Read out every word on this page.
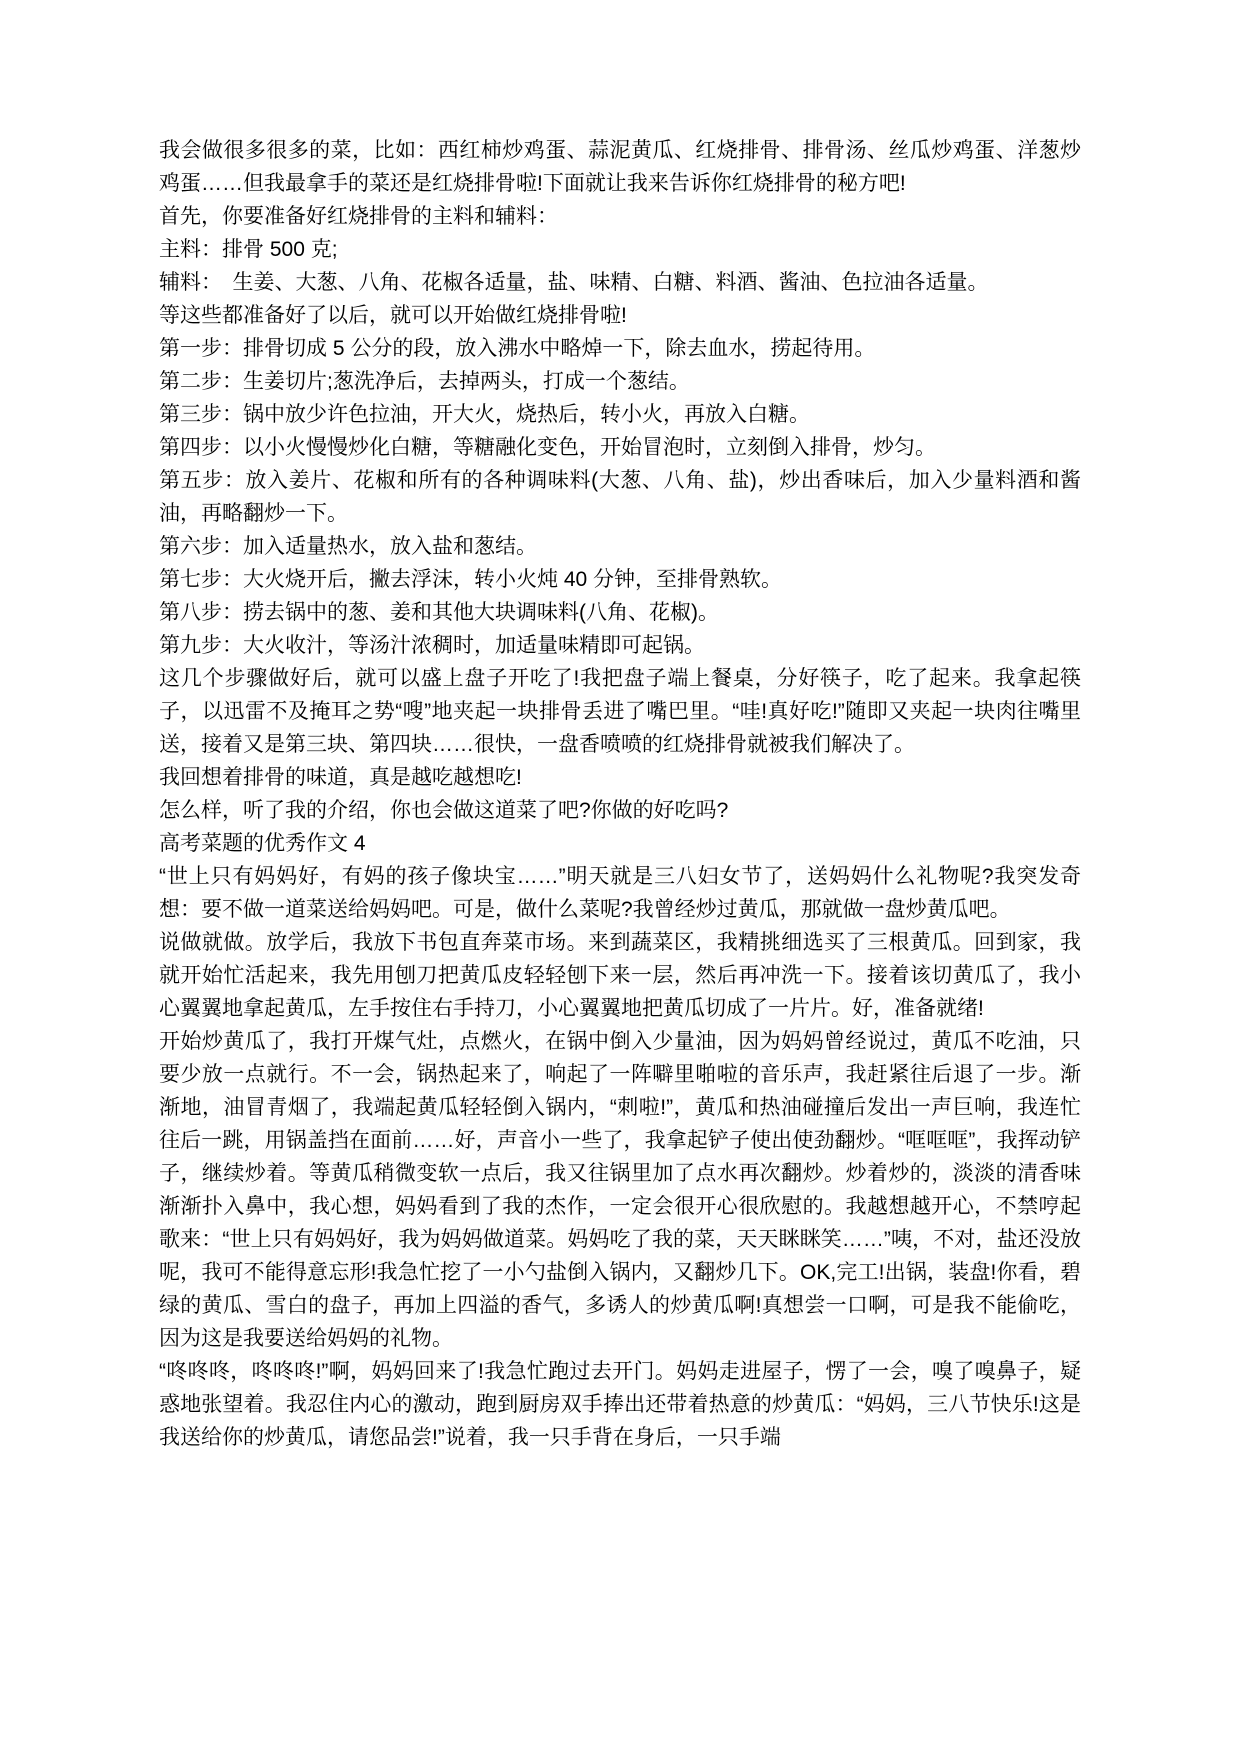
我会做很多很多的菜，比如：西红柿炒鸡蛋、蒜泥黄瓜、红烧排骨、排骨汤、丝瓜炒鸡蛋、洋葱炒鸡蛋……但我最拿手的菜还是红烧排骨啦!下面就让我来告诉你红烧排骨的秘方吧!

首先，你要准备好红烧排骨的主料和辅料：

主料：排骨 500 克;

辅料：　生姜、大葱、八角、花椒各适量，盐、味精、白糖、料酒、酱油、色拉油各适量。

等这些都准备好了以后，就可以开始做红烧排骨啦!

第一步：排骨切成 5 公分的段，放入沸水中略焯一下，除去血水，捞起待用。

第二步：生姜切片;葱洗净后，去掉两头，打成一个葱结。

第三步：锅中放少许色拉油，开大火，烧热后，转小火，再放入白糖。

第四步：以小火慢慢炒化白糖，等糖融化变色，开始冒泡时，立刻倒入排骨，炒匀。

第五步：放入姜片、花椒和所有的各种调味料(大葱、八角、盐)，炒出香味后，加入少量料酒和酱油，再略翻炒一下。

第六步：加入适量热水，放入盐和葱结。

第七步：大火烧开后，撇去浮沫，转小火炖 40 分钟，至排骨熟软。

第八步：捞去锅中的葱、姜和其他大块调味料(八角、花椒)。

第九步：大火收汁，等汤汁浓稠时，加适量味精即可起锅。

这几个步骤做好后，就可以盛上盘子开吃了!我把盘子端上餐桌，分好筷子，吃了起来。我拿起筷子，以迅雷不及掩耳之势“嗖”地夹起一块排骨丢进了嘴巴里。“哇!真好吃!”随即又夹起一块肉往嘴里送，接着又是第三块、第四块……很快，一盘香喷喷的红烧排骨就被我们解决了。

我回想着排骨的味道，真是越吃越想吃!

怎么样，听了我的介绍，你也会做这道菜了吧?你做的好吃吗?

高考菜题的优秀作文 4

“世上只有妈妈好，有妈的孩子像块宝……”明天就是三八妇女节了，送妈妈什么礼物呢?我突发奇想：要不做一道菜送给妈妈吧。可是，做什么菜呢?我曾经炒过黄瓜，那就做一盘炒黄瓜吧。

说做就做。放学后，我放下书包直奔菜市场。来到蔬菜区，我精挑细选买了三根黄瓜。回到家，我就开始忙活起来，我先用刨刀把黄瓜皮轻轻刨下来一层，然后再冲洗一下。接着该切黄瓜了，我小心翼翼地拿起黄瓜，左手按住右手持刀，小心翼翼地把黄瓜切成了一片片。好，准备就绪!

开始炒黄瓜了，我打开煤气灶，点燃火，在锅中倒入少量油，因为妈妈曾经说过，黄瓜不吃油，只要少放一点就行。不一会，锅热起来了，响起了一阵噼里啪啦的音乐声，我赶紧往后退了一步。渐渐地，油冒青烟了，我端起黄瓜轻轻倒入锅内，“刺啦!”，黄瓜和热油碰撞后发出一声巨响，我连忙往后一跳，用锅盖挡在面前……好，声音小一些了，我拿起铲子使出使劲翻炒。“哐哐哐”，我挥动铲子，继续炒着。等黄瓜稍微变软一点后，我又往锅里加了点水再次翻炒。炒着炒的，淡淡的清香味渐渐扑入鼻中，我心想，妈妈看到了我的杰作，一定会很开心很欣慰的。我越想越开心，不禁哼起歌来：“世上只有妈妈好，我为妈妈做道菜。妈妈吃了我的菜，天天眯眯笑……”咦，不对，盐还没放呢，我可不能得意忘形!我急忙挖了一小勺盐倒入锅内，又翻炒几下。OK,完工!出锅，装盘!你看，碧绿的黄瓜、雪白的盘子，再加上四溢的香气，多诱人的炒黄瓜啊!真想尝一口啊，可是我不能偷吃，因为这是我要送给妈妈的礼物。

“咚咚咚，咚咚咚!”啊，妈妈回来了!我急忙跑过去开门。妈妈走进屋子，愣了一会，嗅了嗅鼻子，疑惑地张望着。我忍住内心的激动，跑到厨房双手捧出还带着热意的炒黄瓜：“妈妈，三八节快乐!这是我送给你的炒黄瓜，请您品尝!”说着，我一只手背在身后，一只手端
